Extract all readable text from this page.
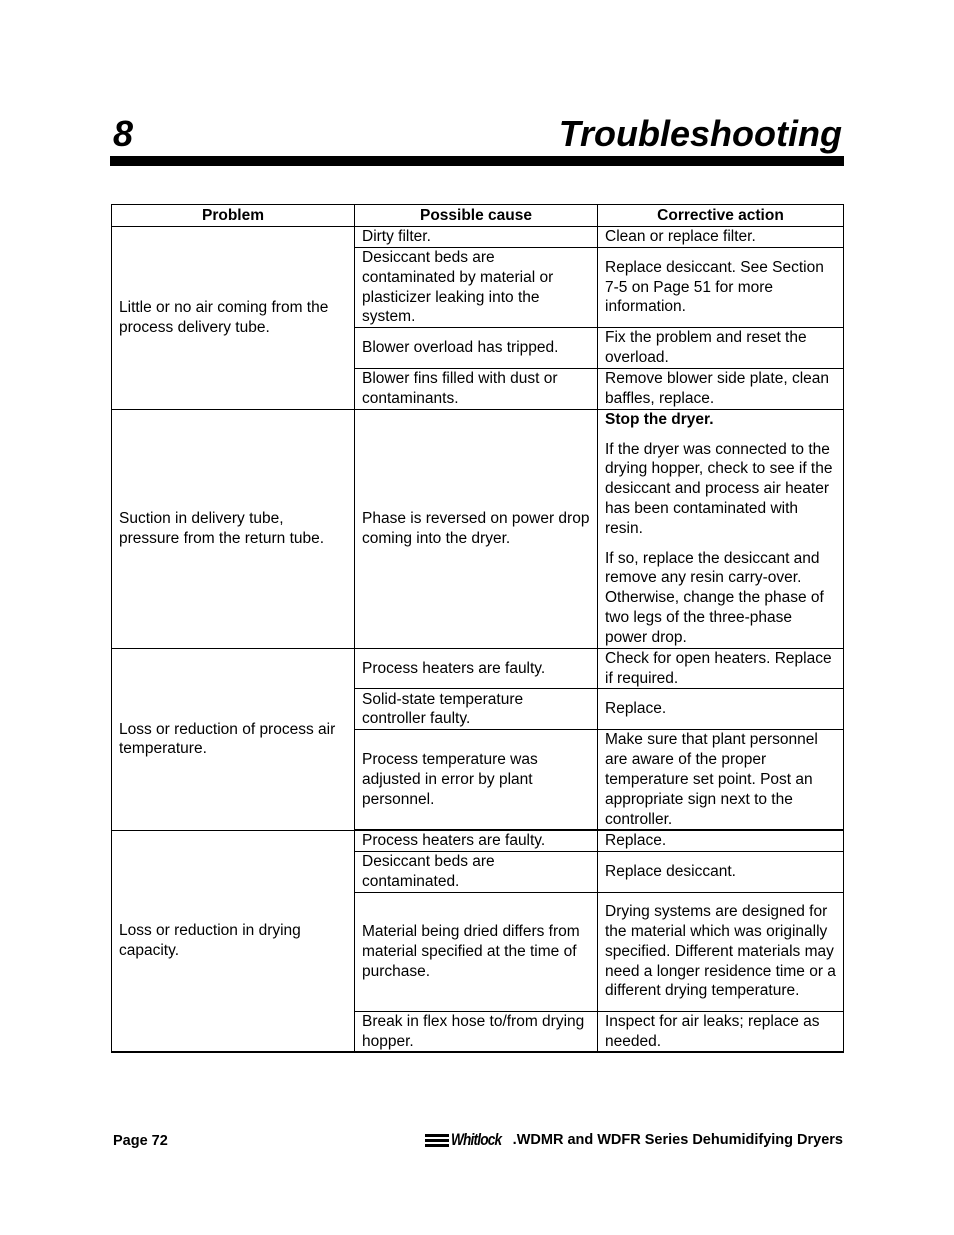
8	Troubleshooting
Problem	Possible cause	Corrective action
Little or no air coming from the process delivery tube.	Dirty filter.	Clean or replace filter.
	Desiccant beds are contaminated by material or plasticizer leaking into the system.	Replace desiccant. See Section 7-5 on Page 51 for more information.
	Blower overload has tripped.	Fix the problem and reset the overload.
	Blower fins filled with dust or contaminants.	Remove blower side plate, clean baffles, replace.
Suction in delivery tube, pressure from the return tube.	Phase is reversed on power drop coming into the dryer.	Stop the dryer.
If the dryer was connected to the drying hopper, check to see if the desiccant and process air heater has been contaminated with resin.
If so, replace the desiccant and remove any resin carry-over. Otherwise, change the phase of two legs of the three-phase power drop.

Loss or reduction of process air temperature.	Process heaters are faulty.	Check for open heaters. Replace if required.
	Solid-state temperature controller faulty.	Replace.
	Process temperature was adjusted in error by plant personnel.	Make sure that plant personnel are aware of the proper temperature set point. Post an appropriate sign next to the controller.
Loss or reduction in drying capacity.	Process heaters are faulty.	Replace.
	Desiccant beds are contaminated.	Replace desiccant.
	Material being dried differs from material specified at the time of purchase.	Drying systems are designed for the material which was originally specified. Different materials may need a longer residence time or a different drying temperature.
	Break in flex hose to/from drying hopper.	Inspect for air leaks; replace as needed.
Page 72	Whitlock . WDMR and WDFR Series Dehumidifying Dryers
